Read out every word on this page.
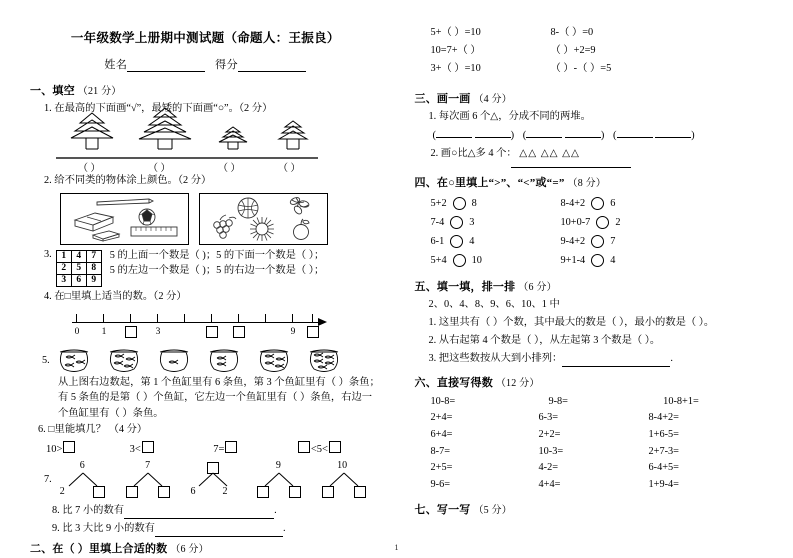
一年级数学上册期中测试题（命题人：王振良）
姓名	得分
一、填空 （21 分）
1. 在最高的下面画“√”，最矮的下面画“○”。（2 分）
（ ）	（ ）	（ ）	（ ）
2. 给不同类的物体涂上颜色。（2 分）
3. 1	4	7
2	5	8
3	6	9
5 的上面一个数是（ )；5 的下面一个数是（ ）；
5 的左边一个数是（ )；5 的右边一个数是（ ）；
4. 在□里填上适当的数。（2 分）
0 1	3	9
5.
从上图右边数起，第 1 个鱼缸里有 6 条鱼，第 3 个鱼缸里有（ ）条鱼；有 5 条鱼的是第（ ）个鱼缸，它左边一个鱼缸里有（ ）条鱼，右边一个鱼缸里有（ ）条鱼。
6. □里能填几？ （4 分）
10>	3<	7=	<5<
7.
6
2
7
6	2
9	10
8. 比 7 小的数有	.
9. 比 3 大比 9 小的数有	.
二、在（ ）里填上合适的数 （6 分）
5+（ ）=10	8-（ ）=0
10=7+（ ）	（ ）+2=9
3+（ ）=10	（ ）-（ ）=5
三、画一画 （4 分）
1. 每次画 6 个△，分成不同的两堆。
(	) (	) (	)
2. 画○比△多 4 个： △△ △△ △△
四、在○里填上“>”、“<”或“=” （8 分）
5+2 8	8-4+2 6
7-4 3	10+0-7 2
6-1 4	9-4+2 7
5+4 10	9+1-4 4
五、填一填，排一排 （6 分）
2、0、4、8、9、6、10、1 中
1. 这里共有（ ）个数，其中最大的数是（ ），最小的数是（ ）。
2. 从右起第 4 个数是（ ），从左起第 3 个数是（ ）。
3. 把这些数按从大到小排列：	.
六、直接写得数 （12 分）
10-8=	9-8=	10-8+1=
2+4=	6-3=	8-4+2=
6+4=	2+2=	1+6-5=
8-7=	10-3=	2+7-3=
2+5=	4-2=	6-4+5=
9-6=	4+4=	1+9-4=
七、写一写 （5 分）
1
